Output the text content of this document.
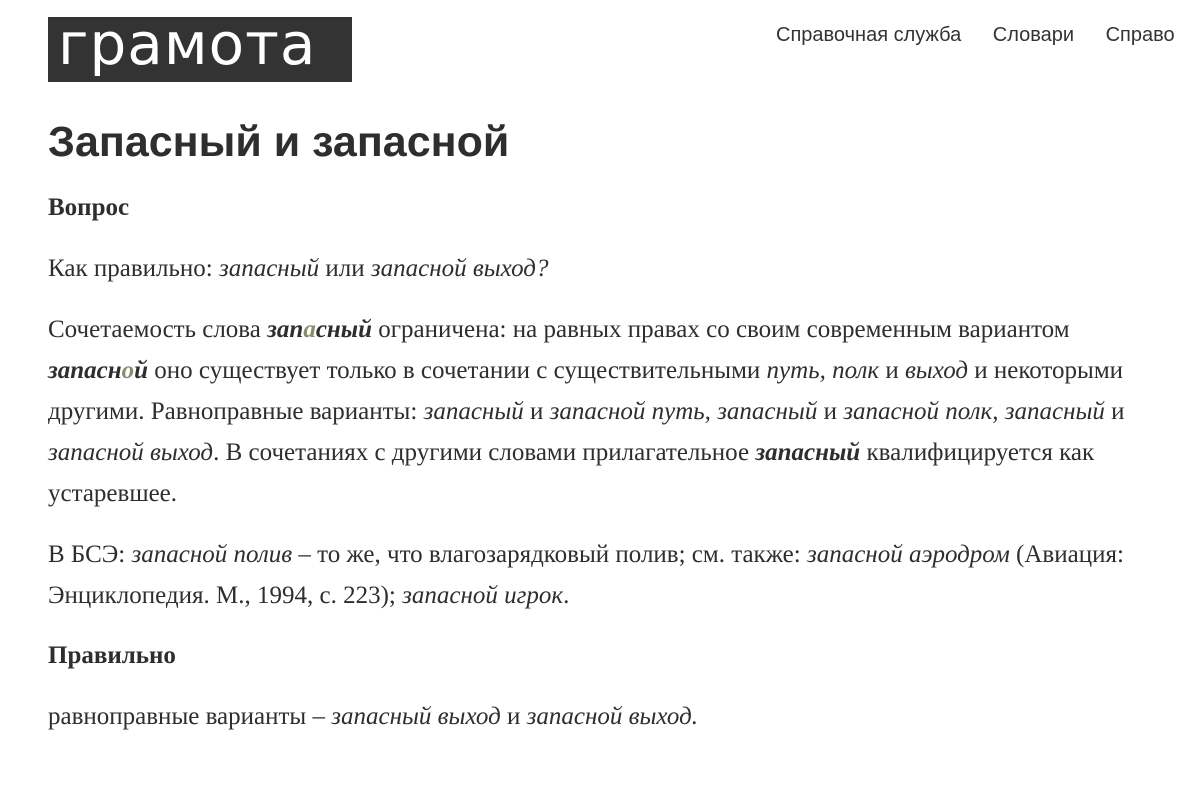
грамота	Справочная служба Словари Справо
Запасный и запасной
Вопрос

Как правильно: запасный или запасной выход?

Сочетаемость слова запасный ограничена: на равных правах со своим современным вариантом запасной оно существует только в сочетании с существительными путь, полк и выход и некоторыми другими. Равноправные варианты: запасный и запасной путь, запасный и запасной полк, запасный и запасной выход. В сочетаниях с другими словами прилагательное запасный квалифицируется как устаревшее.

В БСЭ: запасной полив – то же, что влагозарядковый полив; см. также: запасной аэродром (Авиация: Энциклопедия. М., 1994, с. 223); запасной игрок.

Правильно

равноправные варианты – запасный выход и запасной выход.
